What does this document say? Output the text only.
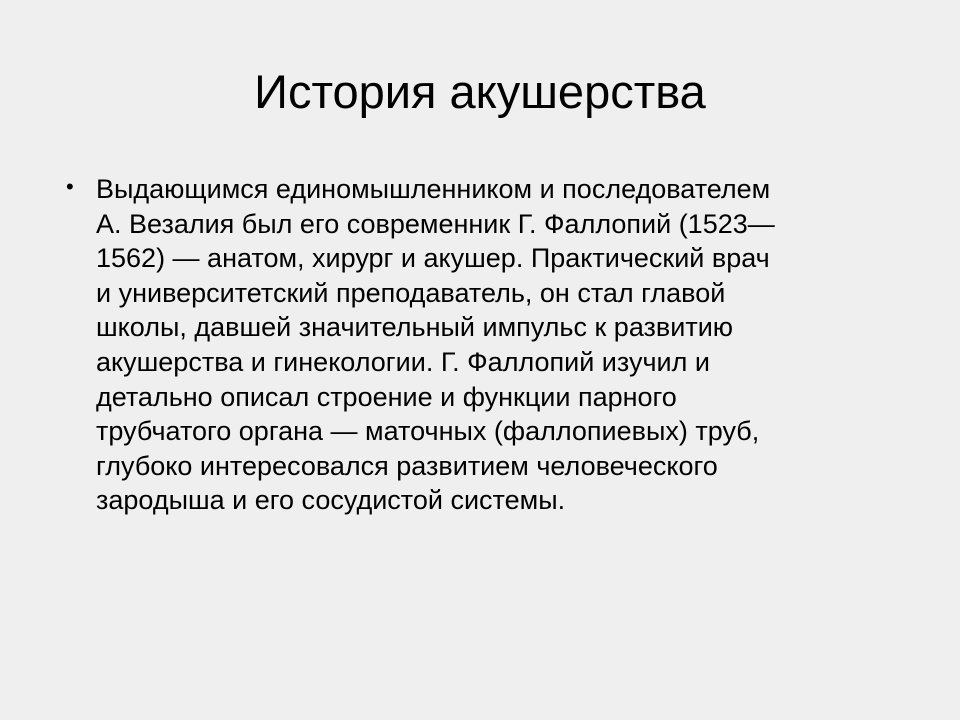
История акушерства
• Выдающимся единомышленником и последователем
А. Везалия был его современник Г. Фаллопий (1523—
1562) — анатом, хирург и акушер. Практический врач
и университетский преподаватель, он стал главой
школы, давшей значительный импульс к развитию
акушерства и гинекологии. Г. Фаллопий изучил и
детально описал строение и функции парного
трубчатого органа — маточных (фаллопиевых) труб,
глубоко интересовался развитием человеческого
зародыша и его сосудистой системы.
